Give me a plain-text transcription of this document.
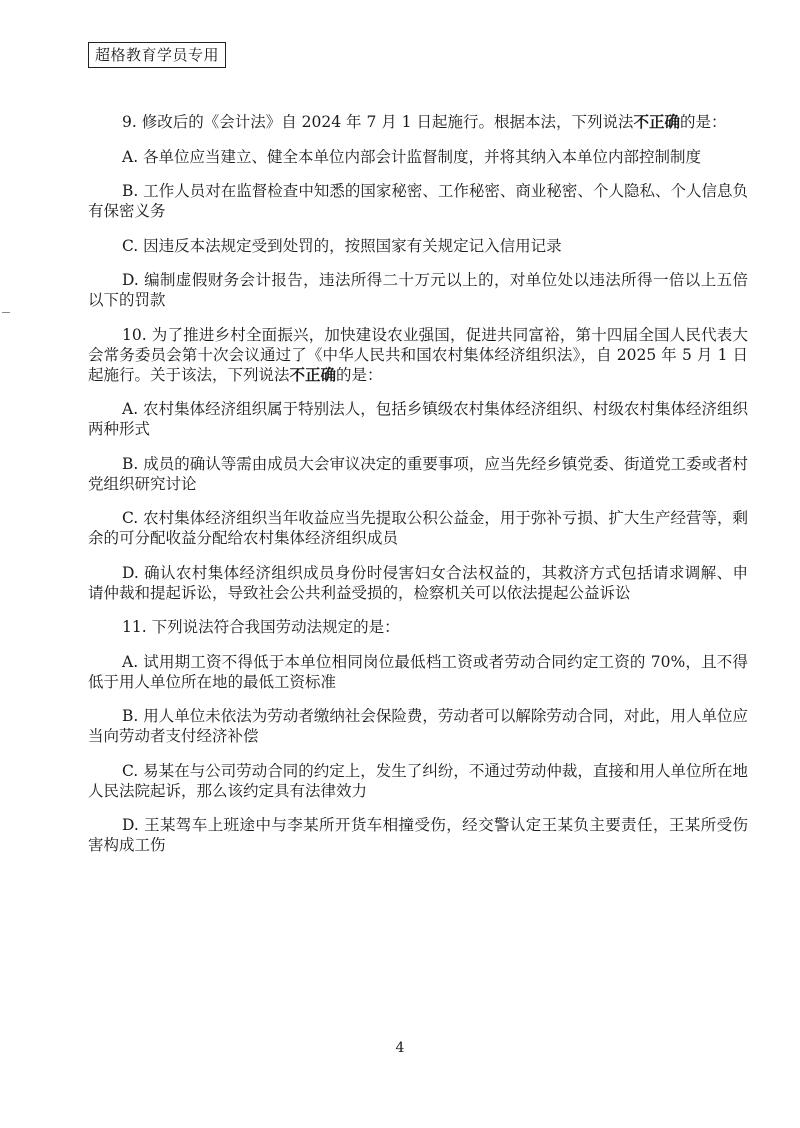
超格教育学员专用

9. 修改后的《会计法》自 2024 年 7 月 1 日起施行。根据本法，下列说法不正确的是：

A. 各单位应当建立、健全本单位内部会计监督制度，并将其纳入本单位内部控制制度

B. 工作人员对在监督检查中知悉的国家秘密、工作秘密、商业秘密、个人隐私、个人信息负有保密义务

C. 因违反本法规定受到处罚的，按照国家有关规定记入信用记录

D. 编制虚假财务会计报告，违法所得二十万元以上的，对单位处以违法所得一倍以上五倍以下的罚款

10. 为了推进乡村全面振兴，加快建设农业强国，促进共同富裕，第十四届全国人民代表大会常务委员会第十次会议通过了《中华人民共和国农村集体经济组织法》，自 2025 年 5 月 1 日起施行。关于该法，下列说法不正确的是：

A. 农村集体经济组织属于特别法人，包括乡镇级农村集体经济组织、村级农村集体经济组织两种形式

B. 成员的确认等需由成员大会审议决定的重要事项，应当先经乡镇党委、街道党工委或者村党组织研究讨论

C. 农村集体经济组织当年收益应当先提取公积公益金，用于弥补亏损、扩大生产经营等，剩余的可分配收益分配给农村集体经济组织成员

D. 确认农村集体经济组织成员身份时侵害妇女合法权益的，其救济方式包括请求调解、申请仲裁和提起诉讼，导致社会公共利益受损的，检察机关可以依法提起公益诉讼

11. 下列说法符合我国劳动法规定的是：

A. 试用期工资不得低于本单位相同岗位最低档工资或者劳动合同约定工资的 70%，且不得低于用人单位所在地的最低工资标准

B. 用人单位未依法为劳动者缴纳社会保险费，劳动者可以解除劳动合同，对此，用人单位应当向劳动者支付经济补偿

C. 易某在与公司劳动合同的约定上，发生了纠纷，不通过劳动仲裁，直接和用人单位所在地人民法院起诉，那么该约定具有法律效力

D. 王某驾车上班途中与李某所开货车相撞受伤，经交警认定王某负主要责任，王某所受伤害构成工伤

4
